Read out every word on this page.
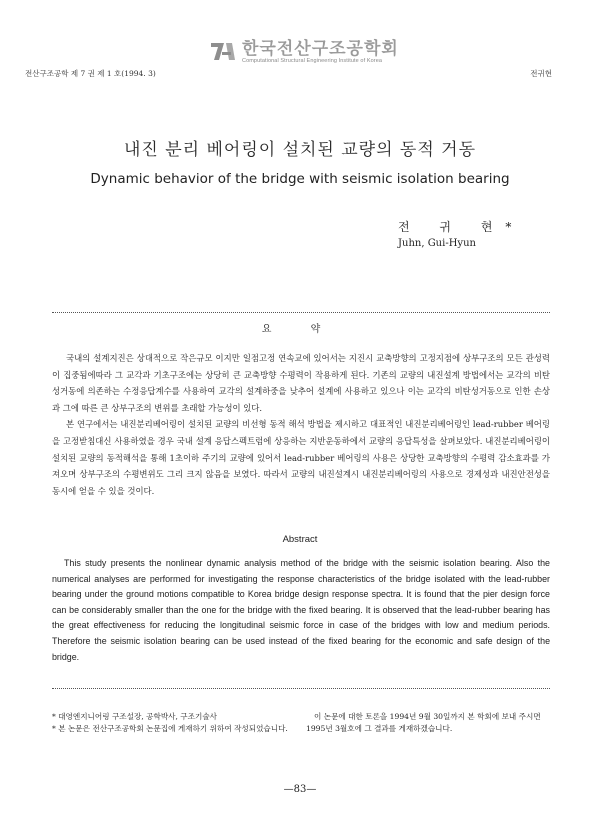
한국전산구조공학회
Computational Structural Engineering Institute of Korea
전산구조공학 제 7 권 제 1 호(1994. 3)	전귀현
내진 분리 베어링이 설치된 교량의 동적 거동
Dynamic behavior of the bridge with seismic isolation bearing
전 귀 현*
Juhn, Gui-Hyun
요 약

국내의 설계지진은 상대적으로 작은규모 이지만 일점고정 연속교에 있어서는 지진시 교축방향의 고정지점에 상부구조의 모든 관성력이 집중됨에따라 그 교각과 기초구조에는 상당히 큰 교축방향 수평력이 작용하게 된다. 기존의 교량의 내진설계 방법에서는 교각의 비탄성거동에 의존하는 수정응답계수를 사용하여 교각의 설계하중을 낮추어 설계에 사용하고 있으나 이는 교각의 비탄성거동으로 인한 손상과 그에 따른 큰 상부구조의 변위를 초래할 가능성이 있다.

본 연구에서는 내진분리베어링이 설치된 교량의 비선형 동적 해석 방법을 제시하고 대표적인 내진분리베어링인 lead-rubber 베어링을 고정받침대신 사용하였을 경우 국내 설계 응답스펙트럼에 상응하는 지반운동하에서 교량의 응답특성을 살펴보았다. 내진분리베어링이 설치된 교량의 동적해석을 통해 1초이하 주기의 교량에 있어서 lead-rubber 베어링의 사용은 상당한 교축방향의 수평력 감소효과를 가져오며 상부구조의 수평변위도 그리 크지 않음을 보였다. 따라서 교량의 내진설계시 내진분리베어링의 사용으로 경제성과 내진안전성을 동시에 얻을 수 있을 것이다.

Abstract

This study presents the nonlinear dynamic analysis method of the bridge with the seismic isolation bearing. Also the numerical analyses are performed for investigating the response characteristics of the bridge isolated with the lead-rubber bearing under the ground motions compatible to Korea bridge design response spectra. It is found that the pier design force can be considerably smaller than the one for the bridge with the fixed bearing. It is observed that the lead-rubber bearing has the great effectiveness for reducing the longitudinal seismic force in case of the bridges with low and medium periods. Therefore the seismic isolation bearing can be used instead of the fixed bearing for the economic and safe design of the bridge.

* 대영엔지니어링 구조설장, 공학박사, 구조기술사
* 본 논문은 전산구조공학회 논문집에 게재하기 위하여 작성되었습니다.
이 논문에 대한 토론을 1994년 9월 30일까지 본 학회에 보내 주시면 1995년 3월호에 그 결과를 게재하겠습니다.
—83—
